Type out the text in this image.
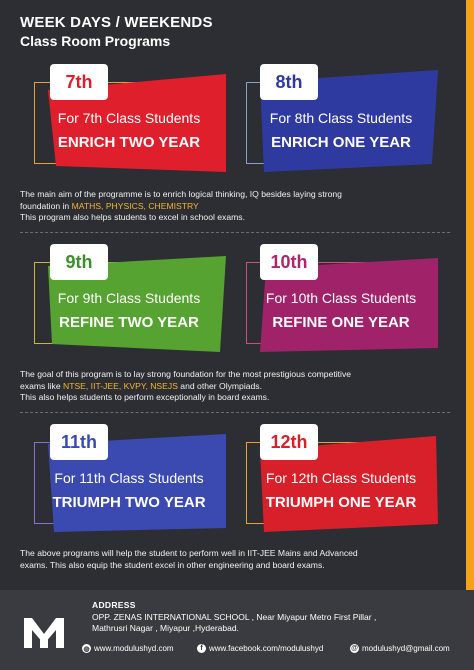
WEEK DAYS / WEEKENDS
Class Room Programs
7th
For 7th Class Students
ENRICH TWO YEAR
8th
For 8th Class Students
ENRICH ONE YEAR
The main aim of the programme is to enrich logical thinking, IQ besides laying strong
foundation in MATHS, PHYSICS, CHEMISTRY
This program also helps students to excel in school exams.
9th
For 9th Class Students
REFINE TWO YEAR
10th
For 10th Class Students
REFINE ONE YEAR
The goal of this program is to lay strong foundation for the most prestigious competitive
exams like NTSE, IIT-JEE, KVPY, NSEJS and other Olympiads.
This also helps students to perform exceptionally in board exams.
11th
For 11th Class Students
TRIUMPH TWO YEAR
12th
For 12th Class Students
TRIUMPH ONE YEAR
The above programs will help the student to perform well in IIT-JEE Mains and Advanced
exams. This also equip the student excel in other engineering and board exams.
ADDRESS
OPP. ZENAS INTERNATIONAL SCHOOL , Near Miyapur Metro First Pillar ,
Mathrusri Nagar , Miyapur ,Hyderabad.
◍ www.modulushyd.com	f www.facebook.com/modulushyd	@ modulushyd@gmail.com
